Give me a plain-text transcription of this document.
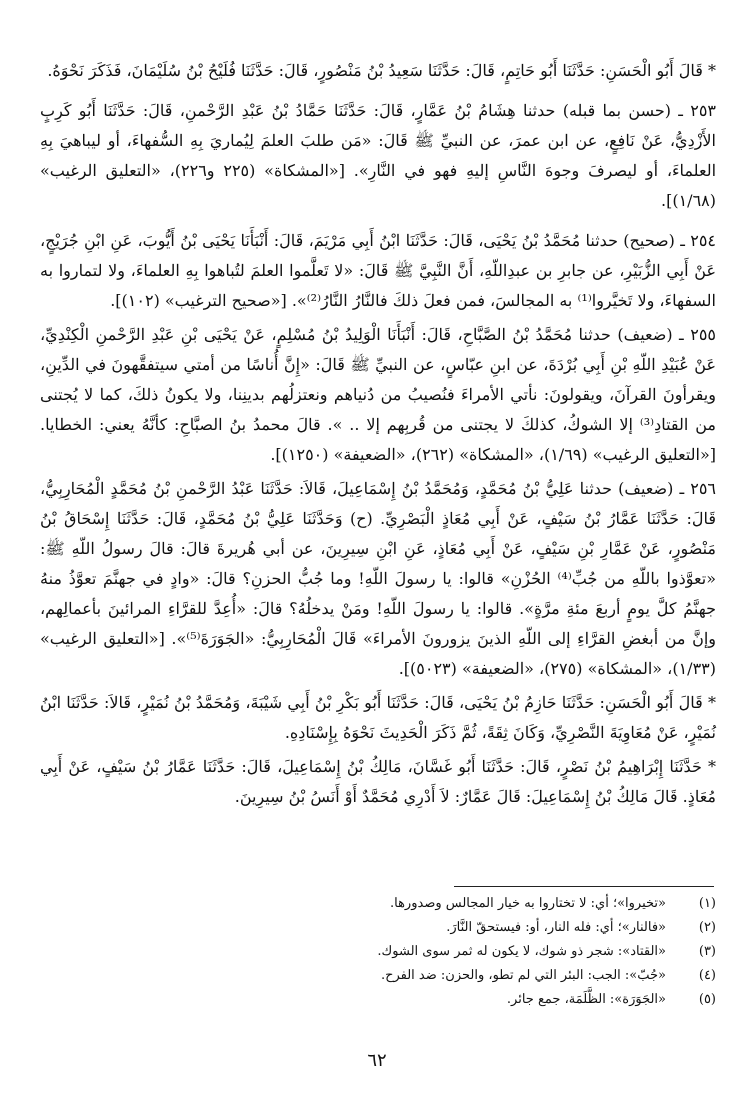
* قَالَ أَبُو الْحَسَنِ: حَدَّثَنَا أَبُو حَاتِمٍ، قَالَ: حَدَّثَنَا سَعِيدُ بْنُ مَنْصُورٍ، قَالَ: حَدَّثَنَا فُلَيْحُ بْنُ سُلَيْمَانَ، فَذَكَرَ نَحْوَهُ.

٢٥٣ ـ (حسن بما قبله) حدثنا هِشَامُ بْنُ عَمَّارٍ، قَالَ: حَدَّثَنَا حَمَّادُ بْنُ عَبْدِ الرَّحْمنِ، قَالَ: حَدَّثَنَا أَبُو كَرِبٍ الأَزْدِيُّ، عَنْ نَافِعٍ، عن ابن عمرَ، عن النبيِّ ﷺ قَالَ: «مَن طلبَ العلمَ لِيُماريَ بِهِ السُّفهاءَ، أو ليباهيَ بِهِ العلماءَ، أو ليصرفَ وجوهَ النَّاسِ إليهِ فهو في النَّارِ». [«المشكاة» (٢٢٥ و٢٢٦)، «التعليق الرغيب» (١/٦٨)].

٢٥٤ ـ (صحيح) حدثنا مُحَمَّدُ بْنُ يَحْيَى، قَالَ: حَدَّثَنَا ابْنُ أَبِي مَرْيَمَ، قَالَ: أَنْبَأَنَا يَحْيَى بْنُ أَيُّوبَ، عَنِ ابْنِ جُرَيْجٍ، عَنْ أَبِي الزُّبَيْرِ، عن جابرِ بن عبدِاللّهِ، أَنَّ النَّبِيَّ ﷺ قَالَ: «لا تَعلَّموا العلمَ لتُباهوا بِهِ العلماءَ، ولا لتماروا به السفهاءَ، ولا تَخيَّروا⁽¹⁾ به المجالسَ، فمن فعلَ ذلكَ فالنَّارُ النَّارُ⁽²⁾». [«صحيح الترغيب» (١٠٢)].

٢٥٥ ـ (ضعيف) حدثنا مُحَمَّدُ بْنُ الصَّبَّاحِ، قَالَ: أَنْبَأَنَا الْوَلِيدُ بْنُ مُسْلِمٍ، عَنْ يَحْيَى بْنِ عَبْدِ الرَّحْمنِ الْكِنْدِيِّ، عَنْ عُبَيْدِ اللّهِ بْنِ أَبِي بُرْدَةَ، عن ابنِ عبّاسٍ، عن النبيِّ ﷺ قَالَ: «إِنَّ أُناسًا من أمتي سيتفقَّهونَ في الدِّينِ، ويقرأونَ القرآنَ، ويقولونَ: نأتي الأمراءَ فنُصيبُ من دُنياهم ونعتزلُهم بدينِنا، ولا يكونُ ذلكَ، كما لا يُجتنى من القتادِ⁽³⁾ إلا الشوكُ، كذلكَ لا يجتنى من قُربِهم إلا .. ». قالَ محمدُ بنُ الصبَّاحِ: كأنَّهُ يعني: الخطايا. [«التعليق الرغيب» (١/٦٩)، «المشكاة» (٢٦٢)، «الضعيفة» (١٢٥٠)].

٢٥٦ ـ (ضعيف) حدثنا عَلِيُّ بْنُ مُحَمَّدٍ، وَمُحَمَّدُ بْنُ إِسْمَاعِيلَ، قَالاَ: حَدَّثَنَا عَبْدُ الرَّحْمنِ بْنُ مُحَمَّدٍ الْمُحَارِبِيُّ، قَالَ: حَدَّثَنَا عَمَّارُ بْنُ سَيْفٍ، عَنْ أَبِي مُعَاذٍ الْبَصْرِيِّ. (ح) وَحَدَّثَنَا عَلِيُّ بْنُ مُحَمَّدٍ، قَالَ: حَدَّثَنَا إِسْحَاقُ بْنُ مَنْصُورٍ، عَنْ عَمَّارِ بْنِ سَيْفٍ، عَنْ أَبِي مُعَاذٍ، عَنِ ابْنِ سِيرِينَ، عن أبي هُريرةَ قالَ: قالَ رسولُ اللّهِ ﷺ: «تعوَّذوا باللّهِ من جُبِّ⁽⁴⁾ الحُزْنِ» قالوا: يا رسولَ اللّهِ! وما جُبُّ الحزنِ؟ قالَ: «وادٍ في جهنَّمَ تعوَّذُ منهُ جهنَّمُ كلَّ يومٍ أربعَ مئةِ مرَّةٍ». قالوا: يا رسولَ اللّهِ! ومَنْ يدخلُهُ؟ قالَ: «أُعِدَّ للقرَّاءِ المرائينَ بأعمالِهم، وإنَّ من أبغضِ القرَّاءِ إلى اللّهِ الذينَ يزورونَ الأمراءَ» قَالَ الْمُحَارِبِيُّ: «الجَوَرَةَ⁽⁵⁾». [«التعليق الرغيب» (١/٣٣)، «المشكاة» (٢٧٥)، «الضعيفة» (٥٠٢٣)].

* قَالَ أَبُو الْحَسَنِ: حَدَّثَنَا حَازِمُ بْنُ يَحْيَى، قَالَ: حَدَّثَنَا أَبُو بَكْرِ بْنُ أَبِي شَيْبَةَ، وَمُحَمَّدُ بْنُ نُمَيْرٍ، قَالاَ: حَدَّثَنَا ابْنُ نُمَيْرٍ، عَنْ مُعَاوِيَةَ النَّصْرِيِّ، وَكَانَ ثِقَةً، ثُمَّ ذَكَرَ الْحَدِيثَ نَحْوَهُ بِإِسْنَادِهِ.

* حَدَّثَنَا إِبْرَاهِيمُ بْنُ نَصْرٍ، قَالَ: حَدَّثَنَا أَبُو غَسَّانَ، مَالِكُ بْنُ إِسْمَاعِيلَ، قَالَ: حَدَّثَنَا عَمَّارُ بْنُ سَيْفٍ، عَنْ أَبِي مُعَاذٍ. قَالَ مَالِكُ بْنُ إِسْمَاعِيلَ: قَالَ عَمَّارٌ: لاَ أَدْرِي مُحَمَّدٌ أَوْ أَنَسُ بْنُ سِيرِينَ.

(١)
«تخيروا»؛ أي: لا تختاروا به خيار المجالس وصدورها.
(٢)
«فالنار»؛ أي: فله النار، أو: فيستحقّ النَّارَ.
(٣)
«القتاد»: شجر ذو شوك، لا يكون له ثمر سوى الشوك.
(٤)
«جُبّ»: الجب: البئر التي لم تطو، والحزن: ضد الفرح.
(٥)
«الجَوَرَة»: الظَّلَمَة، جمع جائر.
٦٢
